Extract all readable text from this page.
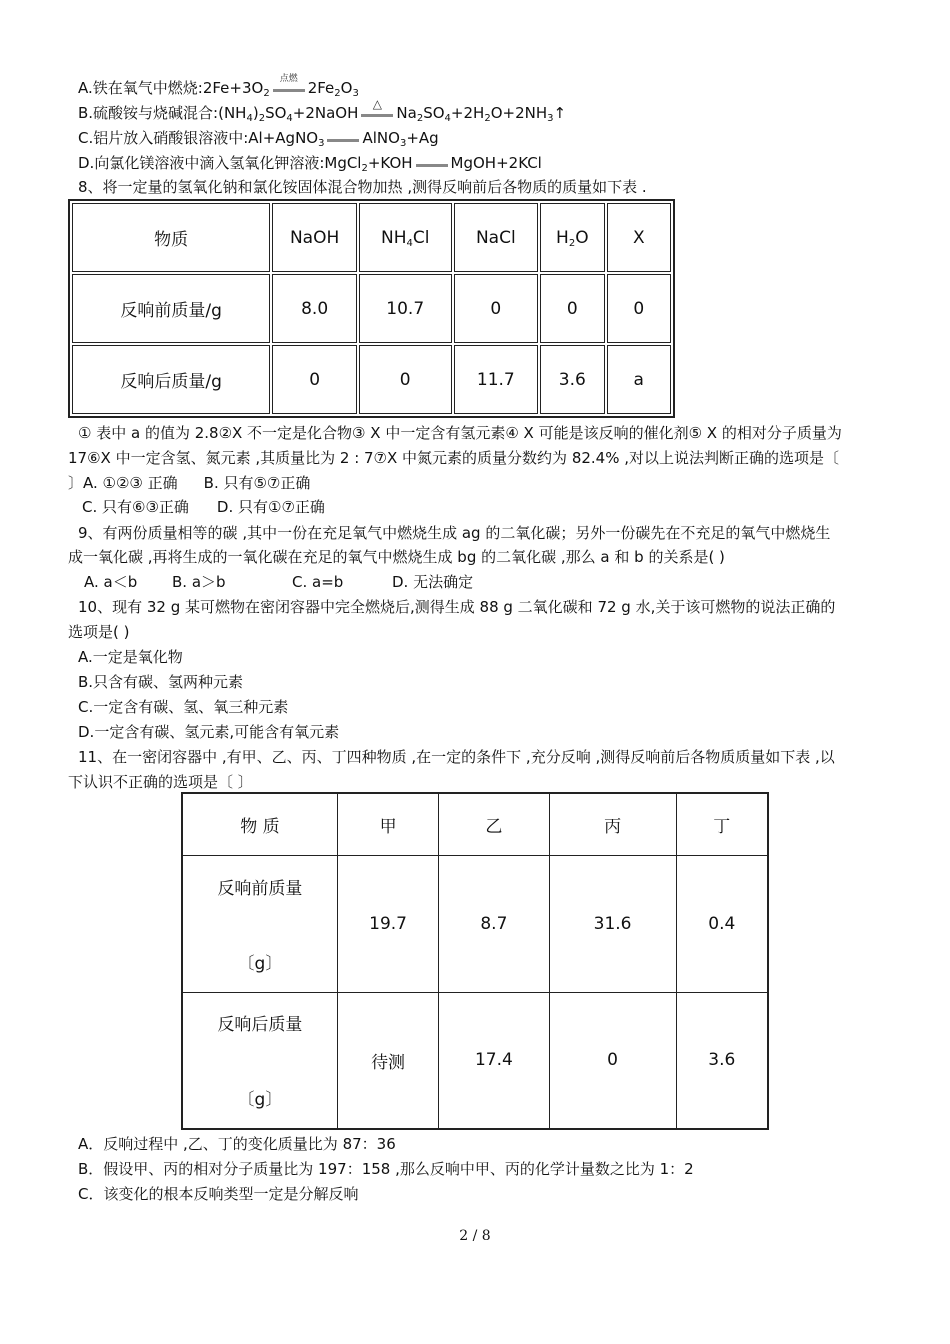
A.铁在氧气中燃烧$:2Fe+3O_2$
点燃 $2Fe_2O_3$
B.硫酸铵与烧碱混合$:(NH_4)_2SO_4+2NaOH$	△ $Na_2SO_4+2H_2O+2NH_3↑$
C.铝片放入硝酸银溶液中:Al+AgNO$_3$	AlNO$_3$+Ag
D.向氯化镁溶液中滴入氢氧化钾溶液:MgCl$_2$+KOH	MgOH+2KCl
8、将一定量的氢氧化钠和氯化铵固体混合物加热 ,测得反响前后各物质的质量如下表 .
物质	NaOH	$NH_4Cl$	NaCl	$H_2O$	X
反响前质量/g	8.0	10.7	0	0	0
反响后质量/g	0	0	11.7	3.6	a
① 表中 a 的值为 2.8②X 不一定是化合物③ X 中一定含有氢元素④ X 可能是该反响的催化剂⑤ X 的相对分子质量为
17⑥X 中一定含氢、氮元素 ,其质量比为 2 : 7⑦X 中氮元素的质量分数约为 82.4% ,对以上说法判断正确的选项是〔
〕A. ①②③ 正确 B. 只有⑤⑦正确
C. 只有⑥③正确 D. 只有①⑦正确
9、有两份质量相等的碳 ,其中一份在充足氧气中燃烧生成 ag 的二氧化碳；另外一份碳先在不充足的氧气中燃烧生
成一氧化碳 ,再将生成的一氧化碳在充足的氧气中燃烧生成 bg 的二氧化碳 ,那么 a 和 b 的关系是( )
A. a＜b B. a＞b	C. a=b	D. 无法确定
10、现有 32 g 某可燃物在密闭容器中完全燃烧后,测得生成 88 g 二氧化碳和 72 g 水,关于该可燃物的说法正确的
选项是( )
A.一定是氧化物
B.只含有碳、氢两种元素
C.一定含有碳、氢、氧三种元素
D.一定含有碳、氢元素,可能含有氧元素
11、在一密闭容器中 ,有甲、乙、丙、丁四种物质 ,在一定的条件下 ,充分反响 ,测得反响前后各物质质量如下表 ,以
下认识不正确的选项是〔 〕
物 质	甲	乙	丙	丁

反响前质量
〔g〕	19.7	8.7	31.6	0.4

反响后质量
〔g〕	待测	17.4	0	3.6
A．反响过程中 ,乙、丁的变化质量比为 87：36
B．假设甲、丙的相对分子质量比为 197：158 ,那么反响中甲、丙的化学计量数之比为 1：2
C．该变化的根本反响类型一定是分解反响
2 / 8
